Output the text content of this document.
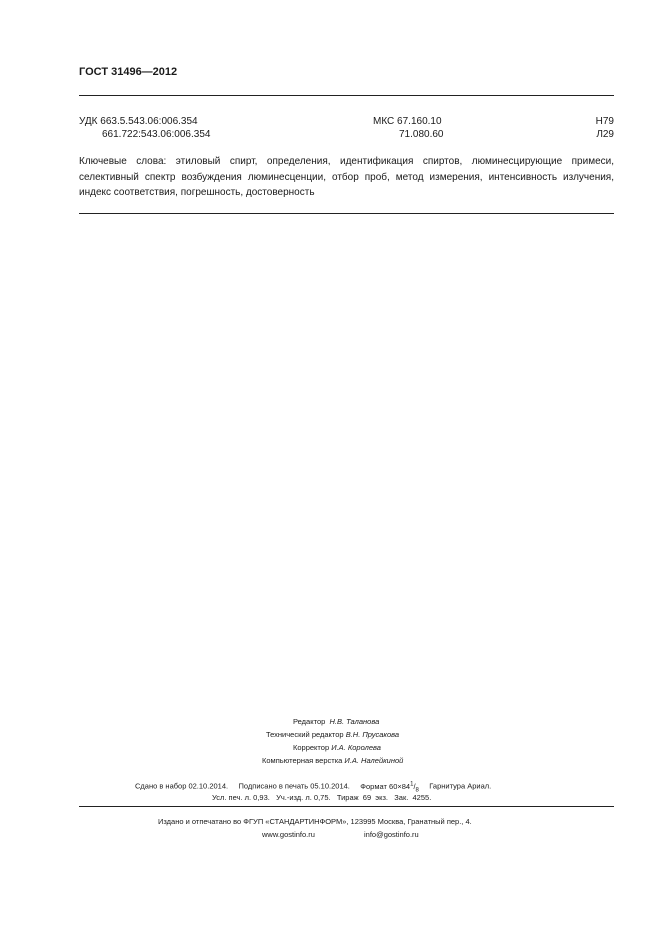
ГОСТ 31496—2012
УДК 663.5.543.06:006.354
661.722:543.06:006.354
МКС 67.160.10
71.080.60
Н79
Л29
Ключевые слова: этиловый спирт, определения, идентификация спиртов, люминесцирующие примеси, селективный спектр возбуждения люминесценции, отбор проб, метод измерения, интенсивность излучения, индекс соответствия, погрешность, достоверность
Редактор Н.В. Таланова
Технический редактор В.Н. Прусакова
Корректор И.А. Королева
Компьютерная верстка И.А. Налейкиной
Сдано в набор 02.10.2014. Подписано в печать 05.10.2014. Формат $60\times 84^1/_8$ Гарнитура Ариал.
Усл. печ. л. 0,93.   Уч.-изд. л. 0,75.   Тираж  69  экз.   Зак.  4255.
Издано и отпечатано во ФГУП «СТАНДАРТИНФОРМ», 123995 Москва, Гранатный пер., 4.
www.gostinfo.ru	info@gostinfo.ru
